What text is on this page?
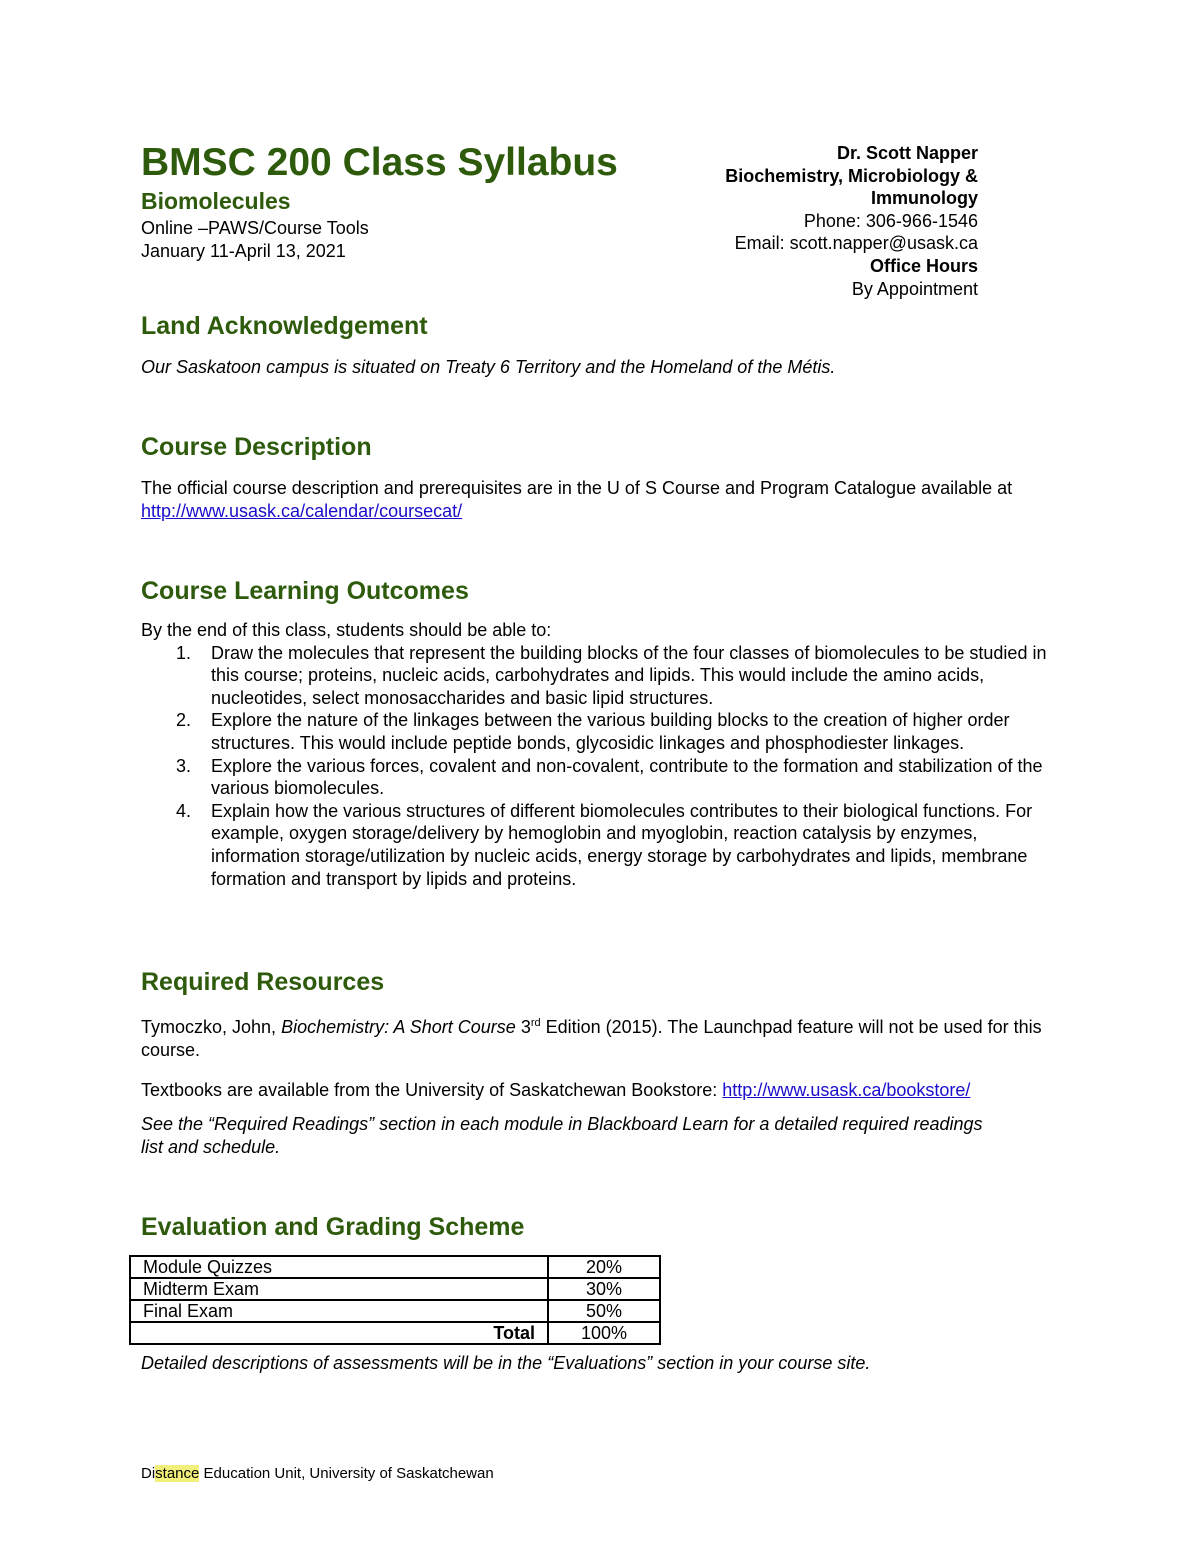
BMSC 200 Class Syllabus
Biomolecules
Online –PAWS/Course Tools
January 11-April 13, 2021
Dr. Scott Napper
Biochemistry, Microbiology &
Immunology
Phone: 306-966-1546
Email: scott.napper@usask.ca
Office Hours
By Appointment
Land Acknowledgement
Our Saskatoon campus is situated on Treaty 6 Territory and the Homeland of the Métis.
Course Description
The official course description and prerequisites are in the U of S Course and Program Catalogue available at http://www.usask.ca/calendar/coursecat/
Course Learning Outcomes
By the end of this class, students should be able to:
1. Draw the molecules that represent the building blocks of the four classes of biomolecules to be studied in this course; proteins, nucleic acids, carbohydrates and lipids. This would include the amino acids, nucleotides, select monosaccharides and basic lipid structures.
2. Explore the nature of the linkages between the various building blocks to the creation of higher order structures. This would include peptide bonds, glycosidic linkages and phosphodiester linkages.
3. Explore the various forces, covalent and non-covalent, contribute to the formation and stabilization of the various biomolecules.
4. Explain how the various structures of different biomolecules contributes to their biological functions. For example, oxygen storage/delivery by hemoglobin and myoglobin, reaction catalysis by enzymes, information storage/utilization by nucleic acids, energy storage by carbohydrates and lipids, membrane formation and transport by lipids and proteins.
Required Resources
Tymoczko, John, Biochemistry: A Short Course 3rd Edition (2015). The Launchpad feature will not be used for this course.
Textbooks are available from the University of Saskatchewan Bookstore: http://www.usask.ca/bookstore/
See the “Required Readings” section in each module in Blackboard Learn for a detailed required readings list and schedule.
Evaluation and Grading Scheme
Module Quizzes	20%
Midterm Exam	30%
Final Exam	50%
Total	100%
Detailed descriptions of assessments will be in the “Evaluations” section in your course site.
Distance Education Unit, University of Saskatchewan
